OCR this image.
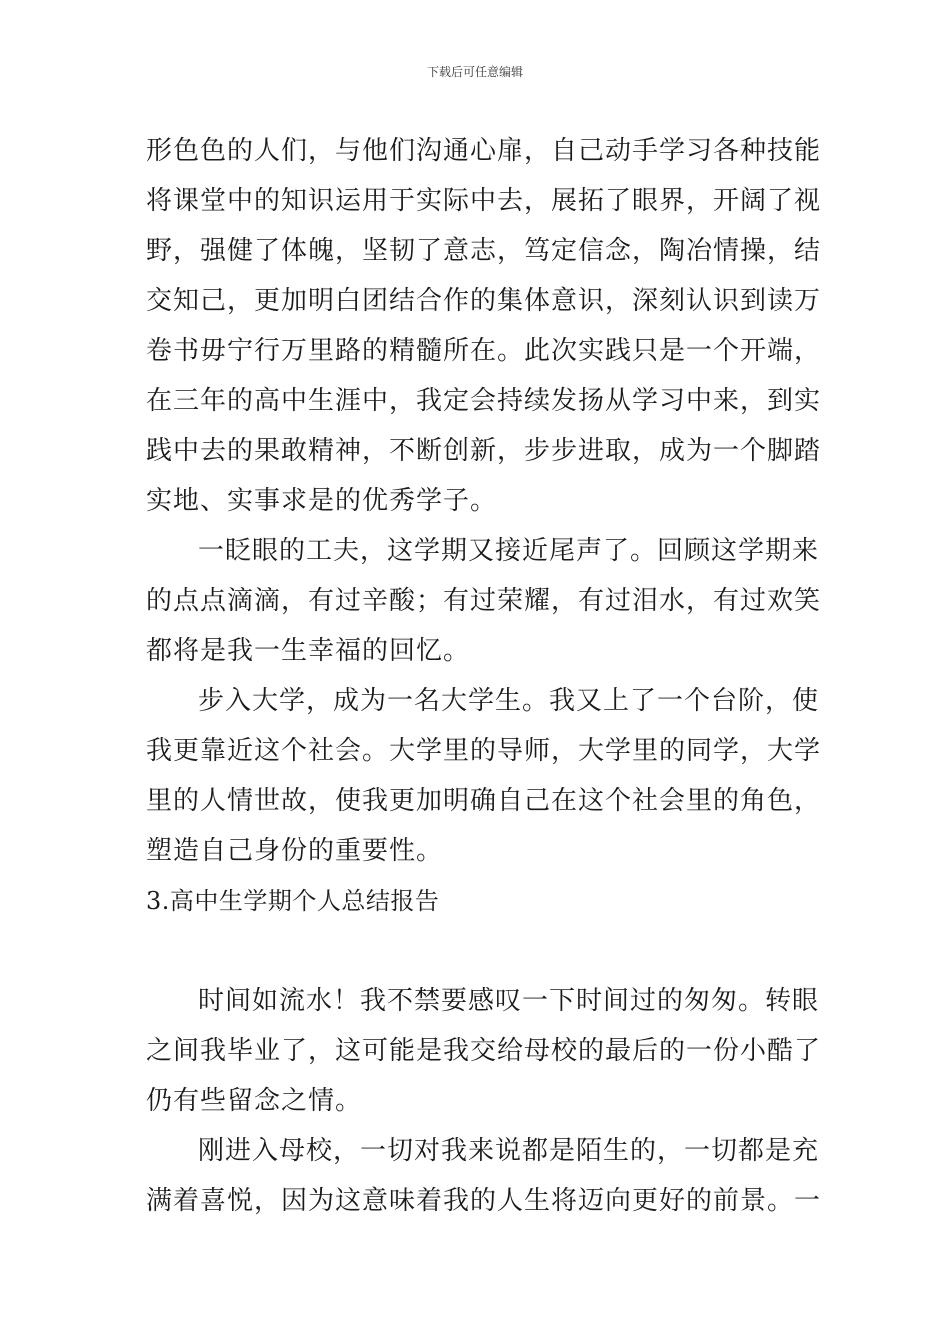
下载后可任意编辑
形色色的人们，与他们沟通心扉，自己动手学习各种技能
将课堂中的知识运用于实际中去，展拓了眼界，开阔了视
野，强健了体魄，坚韧了意志，笃定信念，陶冶情操，结
交知己，更加明白团结合作的集体意识，深刻认识到读万
卷书毋宁行万里路的精髓所在。此次实践只是一个开端，
在三年的高中生涯中，我定会持续发扬从学习中来，到实
践中去的果敢精神，不断创新，步步进取，成为一个脚踏
实地、实事求是的优秀学子。
一眨眼的工夫，这学期又接近尾声了。回顾这学期来
的点点滴滴，有过辛酸；有过荣耀，有过泪水，有过欢笑
都将是我一生幸福的回忆。
步入大学，成为一名大学生。我又上了一个台阶，使
我更靠近这个社会。大学里的导师，大学里的同学，大学
里的人情世故，使我更加明确自己在这个社会里的角色，
塑造自己身份的重要性。
3.高中生学期个人总结报告
时间如流水！我不禁要感叹一下时间过的匆匆。转眼
之间我毕业了，这可能是我交给母校的最后的一份小酷了
仍有些留念之情。
刚进入母校，一切对我来说都是陌生的，一切都是充
满着喜悦，因为这意味着我的人生将迈向更好的前景。一
